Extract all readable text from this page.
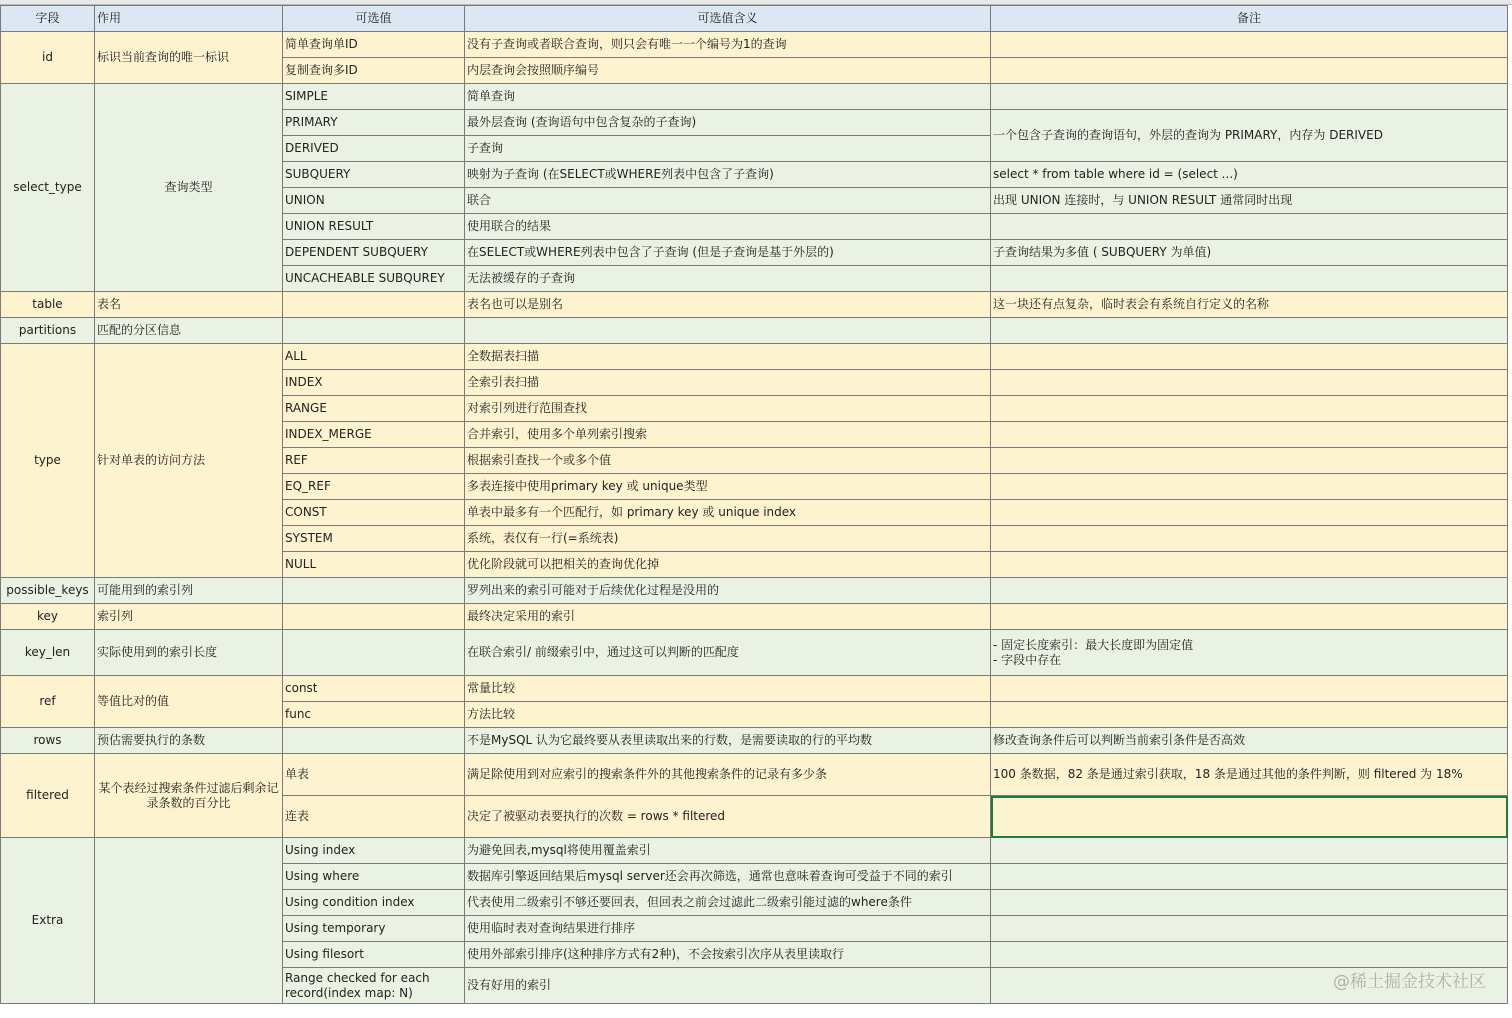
字段	作用	可选值	可选值含义	备注
id	标识当前查询的唯一标识	简单查询单ID	没有子查询或者联合查询，则只会有唯一一个编号为1的查询	
		复制查询多ID	内层查询会按照顺序编号	
select_type	查询类型	SIMPLE	简单查询	
		PRIMARY	最外层查询 (查询语句中包含复杂的子查询)	一个包含子查询的查询语句，外层的查询为 PRIMARY，内存为 DERIVED
		DERIVED	子查询	
		SUBQUERY	映射为子查询 (在SELECT或WHERE列表中包含了子查询)	select * from table where id = (select ...)
		UNION	联合	出现 UNION 连接时，与 UNION RESULT 通常同时出现
		UNION RESULT	使用联合的结果	
		DEPENDENT SUBQUERY	在SELECT或WHERE列表中包含了子查询 (但是子查询是基于外层的)	子查询结果为多值 ( SUBQUERY 为单值)
		UNCACHEABLE SUBQUREY	无法被缓存的子查询	
table	表名		表名也可以是别名	这一块还有点复杂，临时表会有系统自行定义的名称
partitions	匹配的分区信息			
type	针对单表的访问方法	ALL	全数据表扫描	
		INDEX	全索引表扫描	
		RANGE	对索引列进行范围查找	
		INDEX_MERGE	合并索引，使用多个单列索引搜索	
		REF	根据索引查找一个或多个值	
		EQ_REF	多表连接中使用primary key 或 unique类型	
		CONST	单表中最多有一个匹配行，如 primary key 或 unique index	
		SYSTEM	系统，表仅有一行(=系统表)	
		NULL	优化阶段就可以把相关的查询优化掉	
possible_keys	可能用到的索引列		罗列出来的索引可能对于后续优化过程是没用的	
key	索引列		最终决定采用的索引	
key_len	实际使用到的索引长度		在联合索引/ 前缀索引中，通过这可以判断的匹配度	- 固定长度索引：最大长度即为固定值
- 字段中存在

ref	等值比对的值	const	常量比较	
		func	方法比较	
rows	预估需要执行的条数		不是MySQL 认为它最终要从表里读取出来的行数，是需要读取的行的平均数	修改查询条件后可以判断当前索引条件是否高效
filtered	某个表经过搜索条件过滤后剩余记录条数的百分比	单表	满足除使用到对应索引的搜索条件外的其他搜索条件的记录有多少条	100 条数据，82 条是通过索引获取，18 条是通过其他的条件判断，则 filtered 为 18%
		连表	决定了被驱动表要执行的次数 = rows * filtered	
Extra		Using index	为避免回表,mysql将使用覆盖索引	
		Using where	数据库引擎返回结果后mysql server还会再次筛选，通常也意味着查询可受益于不同的索引	
		Using condition index	代表使用二级索引不够还要回表，但回表之前会过滤此二级索引能过滤的where条件	
		Using temporary	使用临时表对查询结果进行排序	
		Using filesort	使用外部索引排序(这种排序方式有2种)，不会按索引次序从表里读取行	
		Range checked for each record(index map: N)	没有好用的索引		@稀土掘金技术社区
